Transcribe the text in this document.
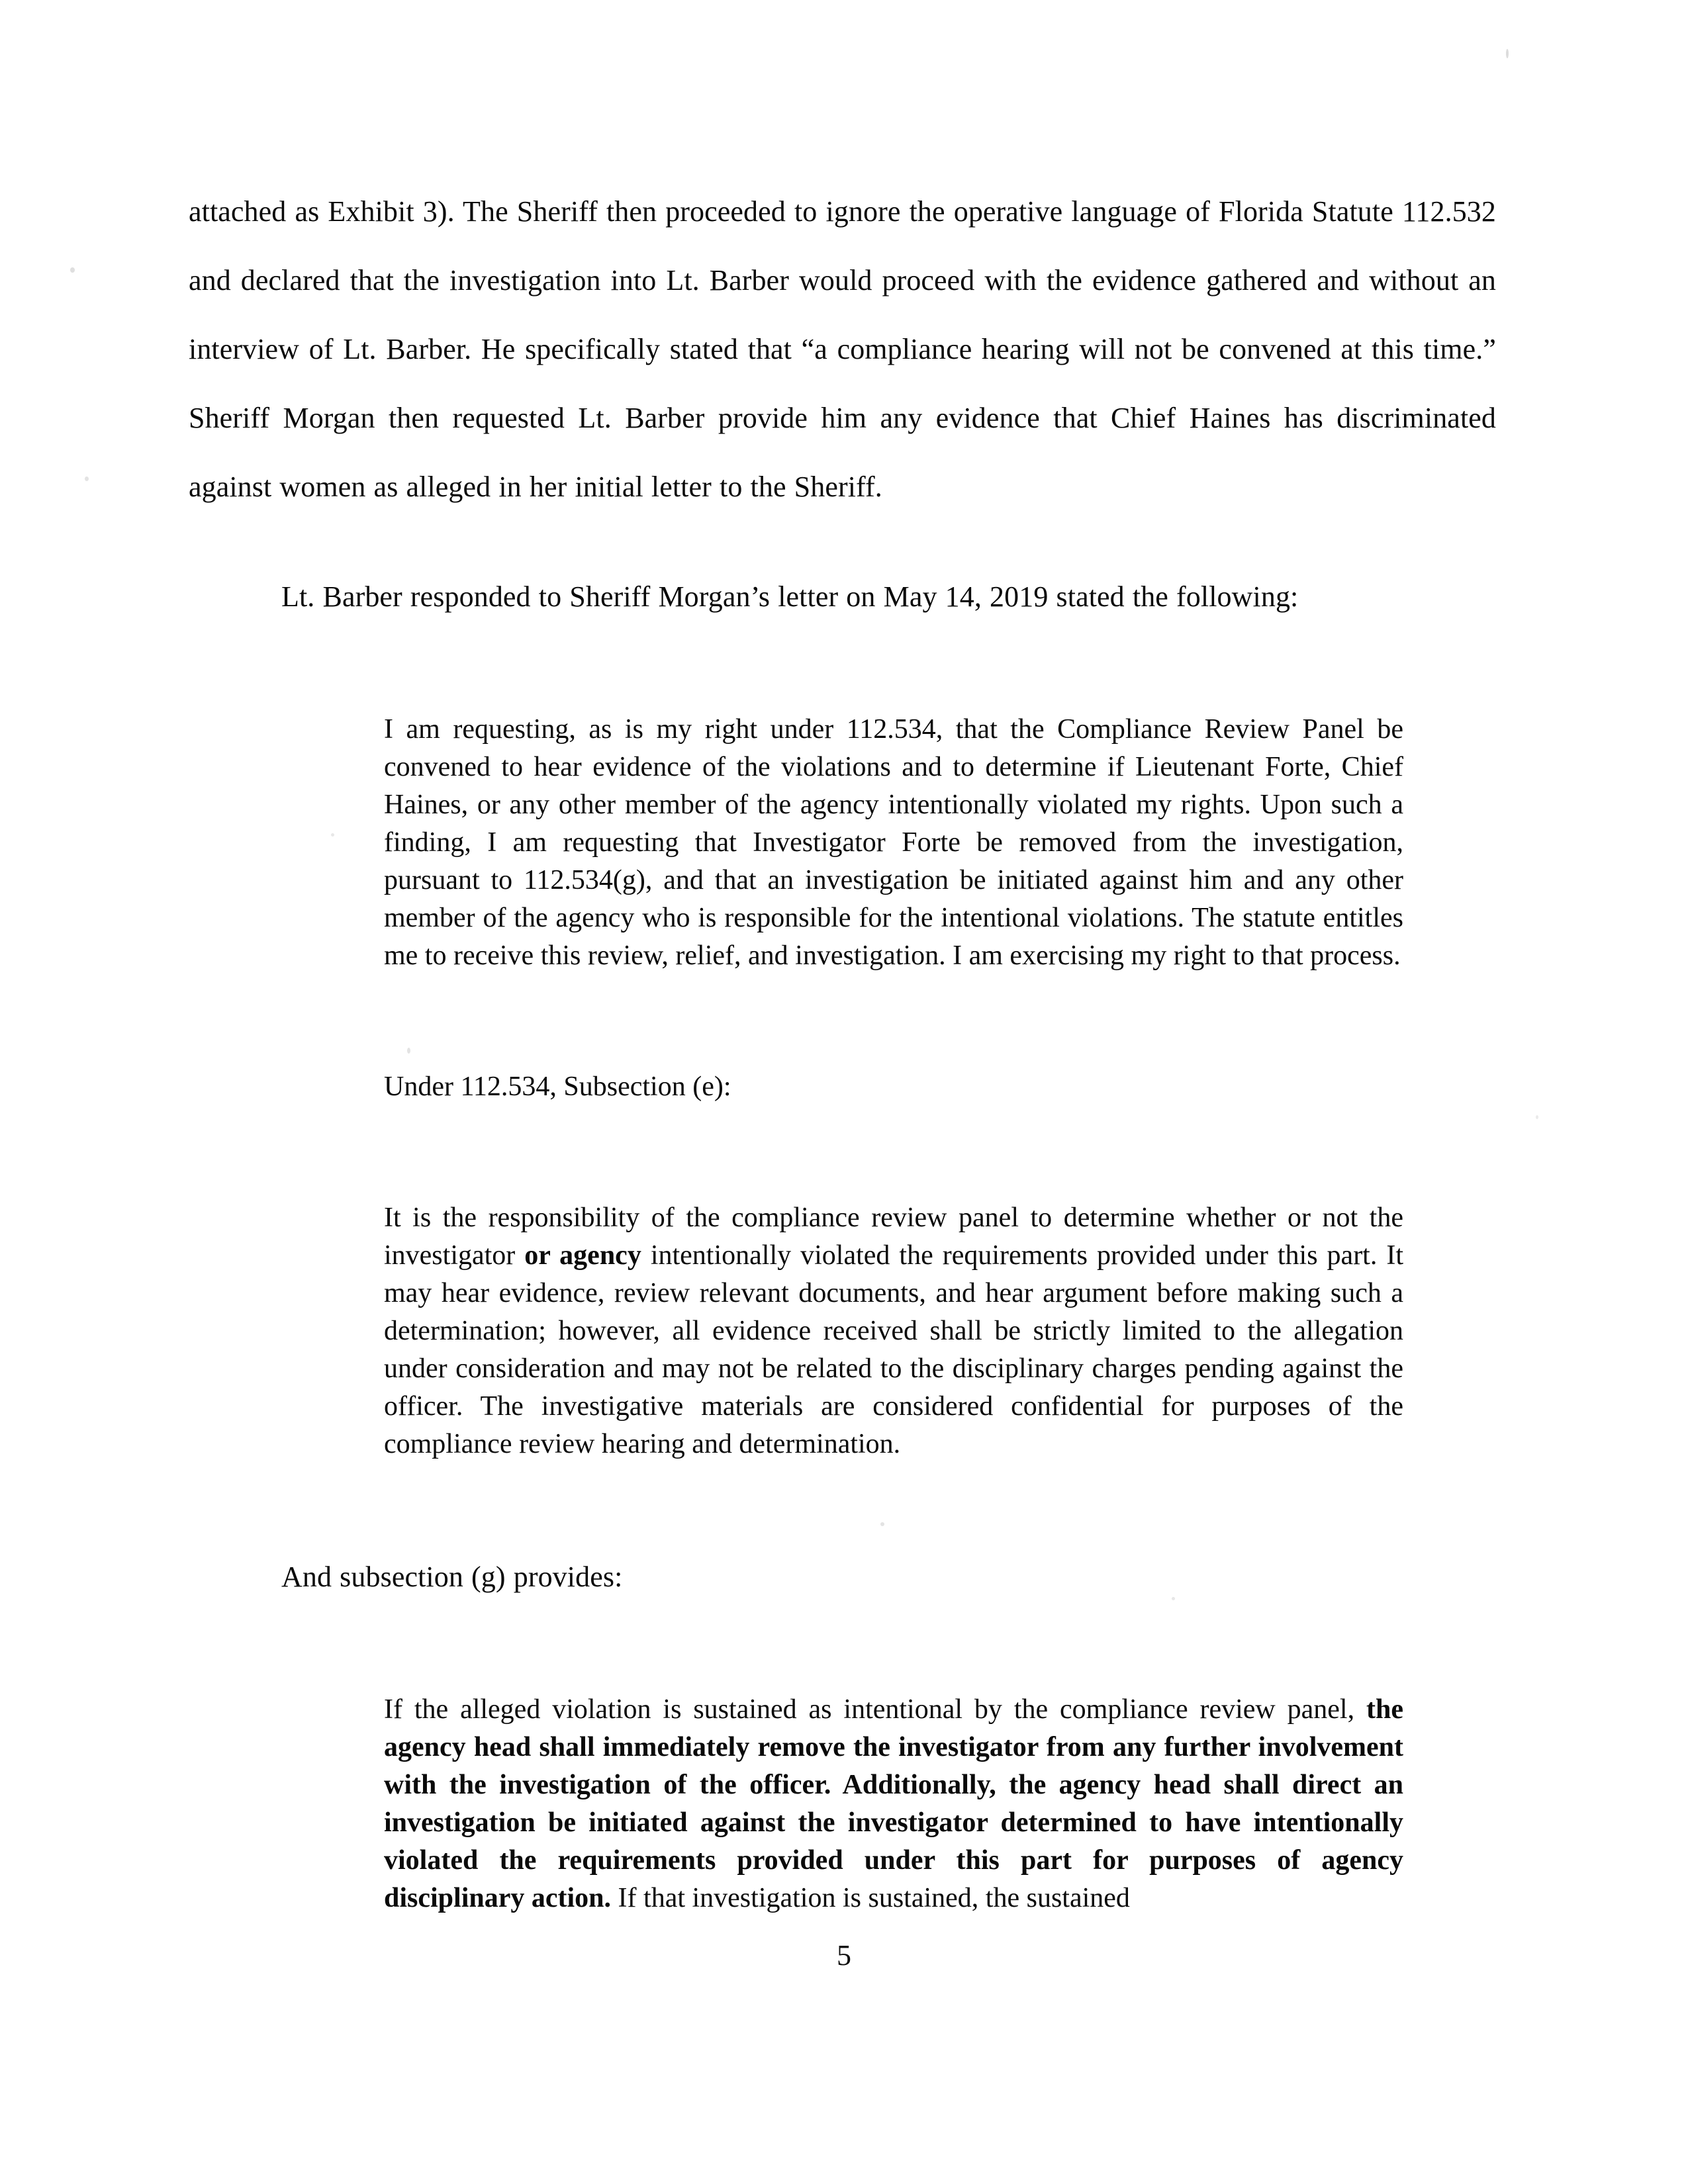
attached as Exhibit 3). The Sheriff then proceeded to ignore the operative language of Florida Statute 112.532 and declared that the investigation into Lt. Barber would proceed with the evidence gathered and without an interview of Lt. Barber. He specifically stated that “a compliance hearing will not be convened at this time.” Sheriff Morgan then requested Lt. Barber provide him any evidence that Chief Haines has discriminated against women as alleged in her initial letter to the Sheriff.

Lt. Barber responded to Sheriff Morgan’s letter on May 14, 2019 stated the following:

I am requesting, as is my right under 112.534, that the Compliance Review Panel be convened to hear evidence of the violations and to determine if Lieutenant Forte, Chief Haines, or any other member of the agency intentionally violated my rights. Upon such a finding, I am requesting that Investigator Forte be removed from the investigation, pursuant to 112.534(g), and that an investigation be initiated against him and any other member of the agency who is responsible for the intentional violations. The statute entitles me to receive this review, relief, and investigation. I am exercising my right to that process.

Under 112.534, Subsection (e):

It is the responsibility of the compliance review panel to determine whether or not the investigator or agency intentionally violated the requirements provided under this part. It may hear evidence, review relevant documents, and hear argument before making such a determination; however, all evidence received shall be strictly limited to the allegation under consideration and may not be related to the disciplinary charges pending against the officer. The investigative materials are considered confidential for purposes of the compliance review hearing and determination.

And subsection (g) provides:

If the alleged violation is sustained as intentional by the compliance review panel, the agency head shall immediately remove the investigator from any further involvement with the investigation of the officer. Additionally, the agency head shall direct an investigation be initiated against the investigator determined to have intentionally violated the requirements provided under this part for purposes of agency disciplinary action. If that investigation is sustained, the sustained

5
